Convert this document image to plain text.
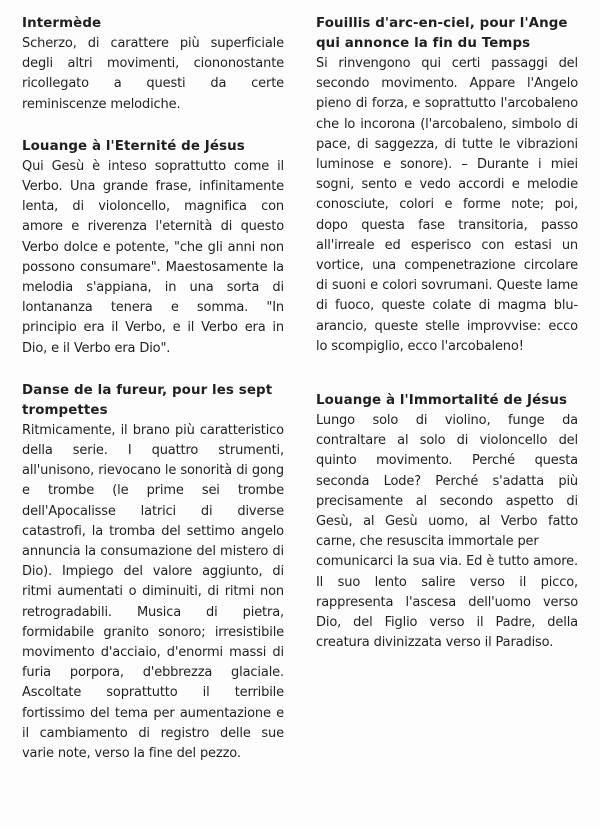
Intermède

Scherzo, di carattere più superficiale degli altri movimenti, ciononostante ricollegato a questi da certe reminiscenze melodiche.

Louange à l'Eternité de Jésus

Qui Gesù è inteso soprattutto come il Verbo. Una grande frase, infinitamente lenta, di violoncello, magnifica con amore e riverenza l'eternità di questo Verbo dolce e potente, "che gli anni non possono consumare". Maestosamente la melodia s'appiana, in una sorta di lontananza tenera e somma. "In principio era il Verbo, e il Verbo era in Dio, e il Verbo era Dio".

Danse de la fureur, pour les sept trompettes

Ritmicamente, il brano più caratteristico della serie. I quattro strumenti, all'unisono, rievocano le sonorità di gong e trombe (le prime sei trombe dell'Apocalisse latrici di diverse catastrofi, la tromba del settimo angelo annuncia la consumazione del mistero di Dio). Impiego del valore aggiunto, di ritmi aumentati o diminuiti, di ritmi non retrogradabili. Musica di pietra, formidabile granito sonoro; irresistibile movimento d'acciaio, d'enormi massi di furia porpora, d'ebbrezza glaciale. Ascoltate soprattutto il terribile fortissimo del tema per aumentazione e il cambiamento di registro delle sue varie note, verso la fine del pezzo.

Fouillis d'arc-en-ciel, pour l'Ange qui annonce la fin du Temps

Si rinvengono qui certi passaggi del secondo movimento. Appare l'Angelo pieno di forza, e soprattutto l'arcobaleno che lo incorona (l'arcobaleno, simbolo di pace, di saggezza, di tutte le vibrazioni luminose e sonore). – Durante i miei sogni, sento e vedo accordi e melodie conosciute, colori e forme note; poi, dopo questa fase transitoria, passo all'irreale ed esperisco con estasi un vortice, una compenetrazione circolare di suoni e colori sovrumani. Queste lame di fuoco, queste colate di magma blu-arancio, queste stelle improvvise: ecco lo scompiglio, ecco l'arcobaleno!

Louange à l'Immortalité de Jésus

Lungo solo di violino, funge da contraltare al solo di violoncello del quinto movimento. Perché questa seconda Lode? Perché s'adatta più precisamente al secondo aspetto di Gesù, al Gesù uomo, al Verbo fatto carne, che resuscita immortale per

comunicarci la sua via. Ed è tutto amore. Il suo lento salire verso il picco, rappresenta l'ascesa dell'uomo verso Dio, del Figlio verso il Padre, della creatura divinizzata verso il Paradiso.
